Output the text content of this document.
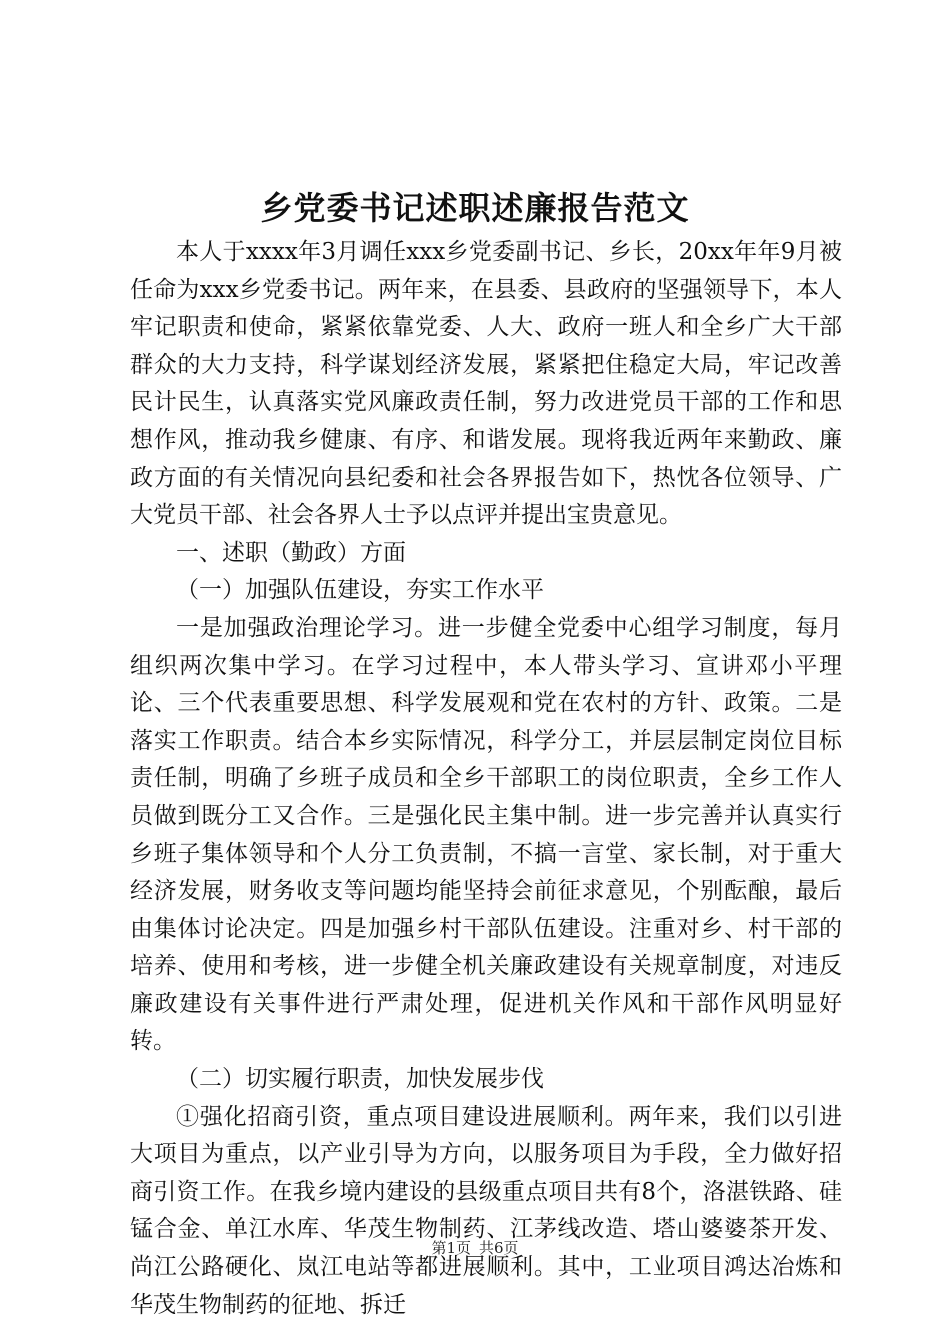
乡党委书记述职述廉报告范文

本人于xxxx年3月调任xxx乡党委副书记、乡长，20xx年年9月被任命为xxx乡党委书记。两年来，在县委、县政府的坚强领导下，本人牢记职责和使命，紧紧依靠党委、人大、政府一班人和全乡广大干部群众的大力支持，科学谋划经济发展，紧紧把住稳定大局，牢记改善民计民生，认真落实党风廉政责任制，努力改进党员干部的工作和思想作风，推动我乡健康、有序、和谐发展。现将我近两年来勤政、廉政方面的有关情况向县纪委和社会各界报告如下，热忱各位领导、广大党员干部、社会各界人士予以点评并提出宝贵意见。

一、述职（勤政）方面

（一）加强队伍建设，夯实工作水平

一是加强政治理论学习。进一步健全党委中心组学习制度，每月组织两次集中学习。在学习过程中，本人带头学习、宣讲邓小平理论、三个代表重要思想、科学发展观和党在农村的方针、政策。二是落实工作职责。结合本乡实际情况，科学分工，并层层制定岗位目标责任制，明确了乡班子成员和全乡干部职工的岗位职责，全乡工作人员做到既分工又合作。三是强化民主集中制。进一步完善并认真实行乡班子集体领导和个人分工负责制，不搞一言堂、家长制，对于重大经济发展，财务收支等问题均能坚持会前征求意见，个别酝酿，最后由集体讨论决定。四是加强乡村干部队伍建设。注重对乡、村干部的培养、使用和考核，进一步健全机关廉政建设有关规章制度，对违反廉政建设有关事件进行严肃处理，促进机关作风和干部作风明显好转。

（二）切实履行职责，加快发展步伐

①强化招商引资，重点项目建设进展顺利。两年来，我们以引进大项目为重点，以产业引导为方向，以服务项目为手段，全力做好招商引资工作。在我乡境内建设的县级重点项目共有8个，洛湛铁路、硅锰合金、单江水库、华茂生物制药、江茅线改造、塔山婆婆茶开发、尚江公路硬化、岚江电站等都进展顺利。其中，工业项目鸿达冶炼和华茂生物制药的征地、拆迁

第1页 共6页
